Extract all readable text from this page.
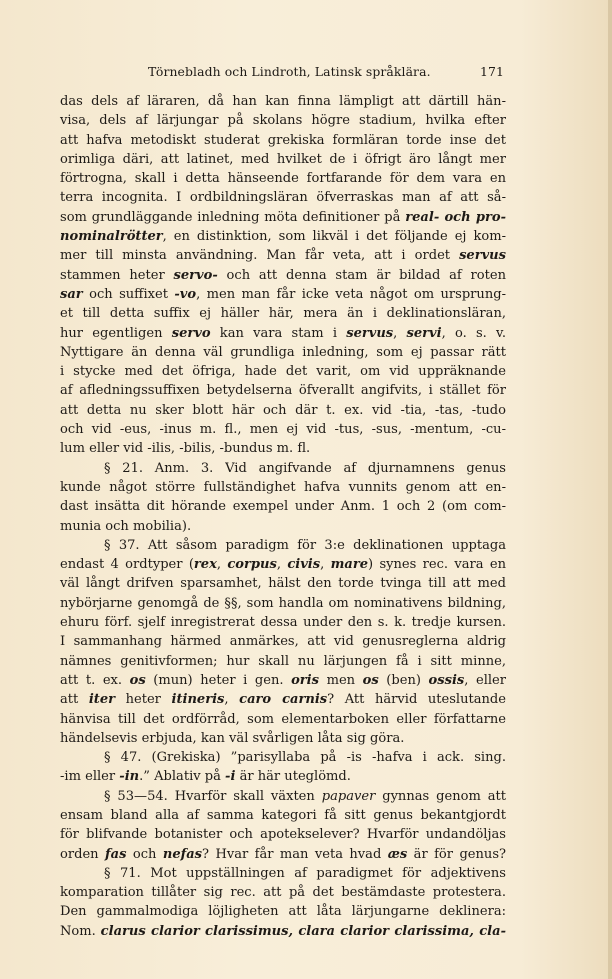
Törnebladh och Lindroth, Latinsk språklära.	171
das dels af läraren, då han kan finna lämpligt att därtill hän-
visa, dels af lärjungar på skolans högre stadium, hvilka efter
att hafva metodiskt studerat grekiska formläran torde inse det
orimliga däri, att latinet, med hvilket de i öfrigt äro långt mer
förtrogna, skall i detta hänseende fortfarande för dem vara en
terra incognita. I ordbildningsläran öfverraskas man af att så-
som grundläggande inledning möta definitioner på real- och pro-
nominalrötter, en distinktion, som likväl i det följande ej kom-
mer till minsta användning. Man får veta, att i ordet servus
stammen heter servo- och att denna stam är bildad af roten
sar och suffixet -vo, men man får icke veta något om ursprung-
et till detta suffix ej häller här, mera än i deklinationsläran,
hur egentligen servo kan vara stam i servus, servi, o. s. v.
Nyttigare än denna väl grundliga inledning, som ej passar rätt
i stycke med det öfriga, hade det varit, om vid uppräknande
af afledningssuffixen betydelserna öfverallt angifvits, i stället för
att detta nu sker blott här och där t. ex. vid -tia, -tas, -tudo
och vid -eus, -inus m. fl., men ej vid -tus, -sus, -mentum, -cu-
lum eller vid -ilis, -bilis, -bundus m. fl.
§ 21. Anm. 3. Vid angifvande af djurnamnens genus
kunde något större fullständighet hafva vunnits genom att en-
dast insätta dit hörande exempel under Anm. 1 och 2 (om com-
munia och mobilia).
§ 37. Att såsom paradigm för 3:e deklinationen upptaga
endast 4 ordtyper (rex, corpus, civis, mare) synes rec. vara en
väl långt drifven sparsamhet, hälst den torde tvinga till att med
nybörjarne genomgå de §§, som handla om nominativens bildning,
ehuru förf. sjelf inregistrerat dessa under den s. k. tredje kursen.
I sammanhang härmed anmärkes, att vid genusreglerna aldrig
nämnes genitivformen; hur skall nu lärjungen få i sitt minne,
att t. ex. os (mun) heter i gen. oris men os (ben) ossis, eller
att iter heter itineris, caro carnis? Att härvid uteslutande
hänvisa till det ordförråd, som elementarboken eller författarne
händelsevis erbjuda, kan väl svårligen låta sig göra.
§ 47. (Grekiska) ”parisyllaba på -is -hafva i ack. sing.
-im eller -in.” Ablativ på -i är här uteglömd.
§ 53—54. Hvarför skall växten papaver gynnas genom att
ensam bland alla af samma kategori få sitt genus bekantgjordt
för blifvande botanister och apotekselever? Hvarför undandöljas
orden fas och nefas? Hvar får man veta hvad æs är för genus?
§ 71. Mot uppställningen af paradigmet för adjektivens
komparation tillåter sig rec. att på det bestämdaste protestera.
Den gammalmodiga löjligheten att låta lärjungarne deklinera:
Nom. clarus clarior clarissimus, clara clarior clarissima, cla-
